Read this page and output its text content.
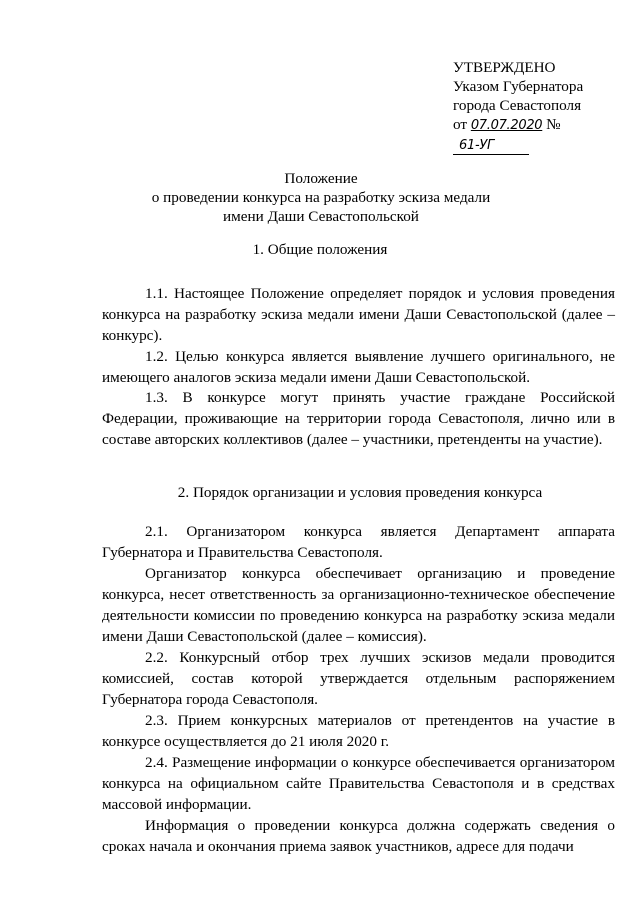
УТВЕРЖДЕНО
Указом Губернатора
города Севастополя
от 07.07.2020 № 61-УГ
Положение
о проведении конкурса на разработку эскиза медали
имени Даши Севастопольской
1. Общие положения

1.1. Настоящее Положение определяет порядок и условия проведения конкурса на разработку эскиза медали имени Даши Севастопольской (далее – конкурс).

1.2. Целью конкурса является выявление лучшего оригинального, не имеющего аналогов эскиза медали имени Даши Севастопольской.

1.3. В конкурсе могут принять участие граждане Российской Федерации, проживающие на территории города Севастополя, лично или в составе авторских коллективов (далее – участники, претенденты на участие).

2. Порядок организации и условия проведения конкурса

2.1. Организатором конкурса является Департамент аппарата Губернатора и Правительства Севастополя.

Организатор конкурса обеспечивает организацию и проведение конкурса, несет ответственность за организационно-техническое обеспечение деятельности комиссии по проведению конкурса на разработку эскиза медали имени Даши Севастопольской (далее – комиссия).

2.2. Конкурсный отбор трех лучших эскизов медали проводится комиссией, состав которой утверждается отдельным распоряжением Губернатора города Севастополя.

2.3. Прием конкурсных материалов от претендентов на участие в конкурсе осуществляется до 21 июля 2020 г.

2.4. Размещение информации о конкурсе обеспечивается организатором конкурса на официальном сайте Правительства Севастополя и в средствах массовой информации.

Информация о проведении конкурса должна содержать сведения о сроках начала и окончания приема заявок участников, адресе для подачи
